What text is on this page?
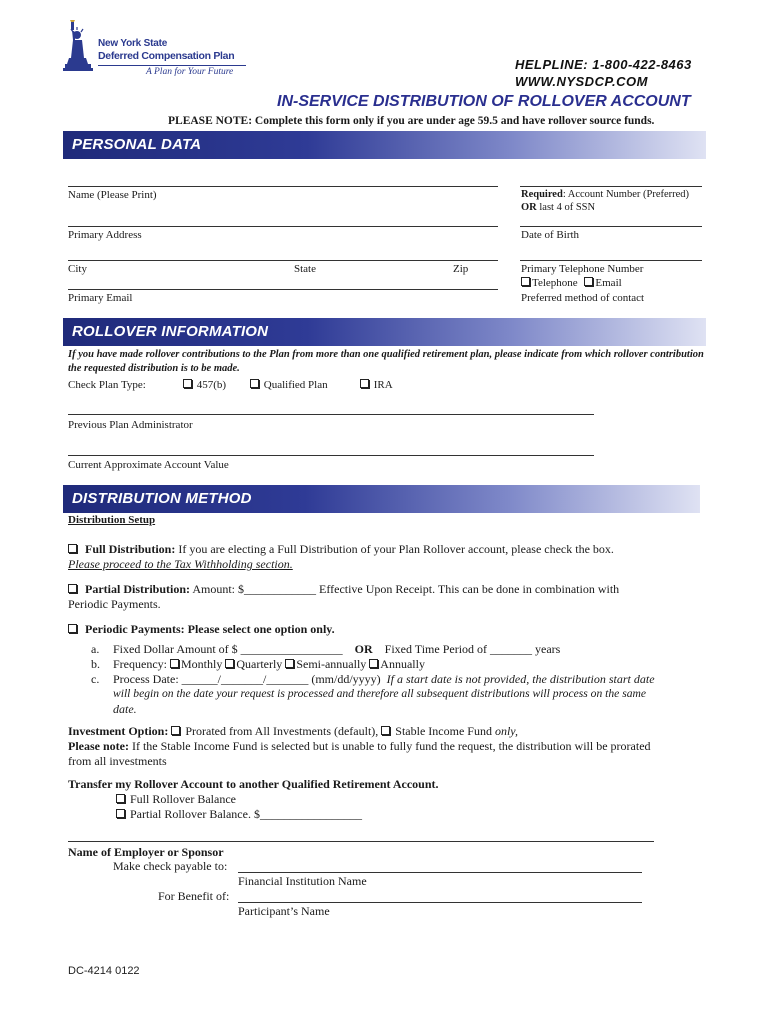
New York State
Deferred Compensation Plan
A Plan for Your Future	HELPLINE: 1-800-422-8463
WWW.NYSDCP.COM
IN-SERVICE DISTRIBUTION OF ROLLOVER ACCOUNT
PLEASE NOTE: Complete this form only if you are under age 59.5 and have rollover source funds.
PERSONAL DATA
Name (Please Print)	Required: Account Number (Preferred)
OR last 4 of SSN
Primary Address	Date of Birth
City	State	Zip	Primary Telephone Number
Telephone Email
Primary Email	Preferred method of contact
ROLLOVER INFORMATION
If you have made rollover contributions to the Plan from more than one qualified retirement plan, please indicate from which rollover contribution the requested distribution is to be made.
Check Plan Type:	457(b)	Qualified Plan	IRA
Previous Plan Administrator
Current Approximate Account Value
DISTRIBUTION METHOD
Distribution Setup
Full Distribution: If you are electing a Full Distribution of your Plan Rollover account, please check the box.
Please proceed to the Tax Withholding section.
Partial Distribution: Amount: $____________ Effective Upon Receipt. This can be done in combination with
Periodic Payments.
Periodic Payments: Please select one option only.
a. Fixed Dollar Amount of $ _________________ OR Fixed Time Period of _______ years
b. Frequency: Monthly Quarterly Semi-annually Annually
c. Process Date: ______/_______/_______ (mm/dd/yyyy) If a start date is not provided, the distribution start date
will begin on the date your request is processed and therefore all subsequent distributions will process on the same
date.
Investment Option: Prorated from All Investments (default), Stable Income Fund only,
Please note: If the Stable Income Fund is selected but is unable to fully fund the request, the distribution will be prorated
from all investments
Transfer my Rollover Account to another Qualified Retirement Account.
Full Rollover Balance
Partial Rollover Balance. $_________________
Name of Employer or Sponsor
Make check payable to:
Financial Institution Name
For Benefit of:
Participant’s Name
DC-4214 0122
